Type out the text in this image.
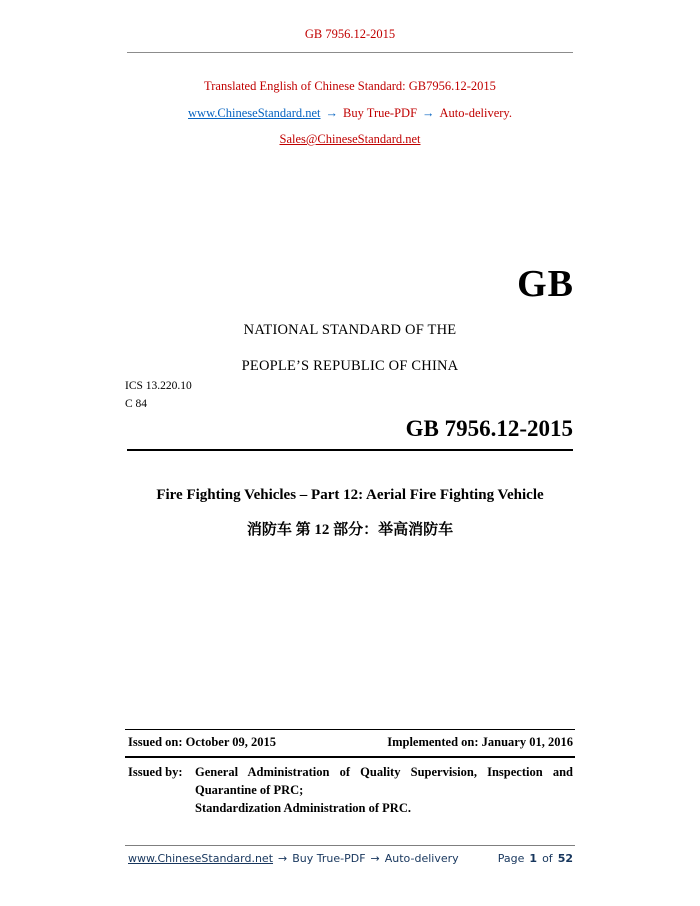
GB 7956.12-2015
Translated English of Chinese Standard: GB7956.12-2015
www.ChineseStandard.net → Buy True-PDF → Auto-delivery.
Sales@ChineseStandard.net
GB
NATIONAL STANDARD OF THE
PEOPLE’S REPUBLIC OF CHINA
ICS 13.220.10
C 84
GB 7956.12-2015
Fire Fighting Vehicles – Part 12: Aerial Fire Fighting Vehicle
消防车 第 12 部分：举高消防车
Issued on: October 09, 2015	Implemented on: January 01, 2016
Issued by: General Administration of Quality Supervision, Inspection and Quarantine of PRC;
Standardization Administration of PRC.
www.ChineseStandard.net → Buy True-PDF → Auto-delivery	Page 1 of 52
